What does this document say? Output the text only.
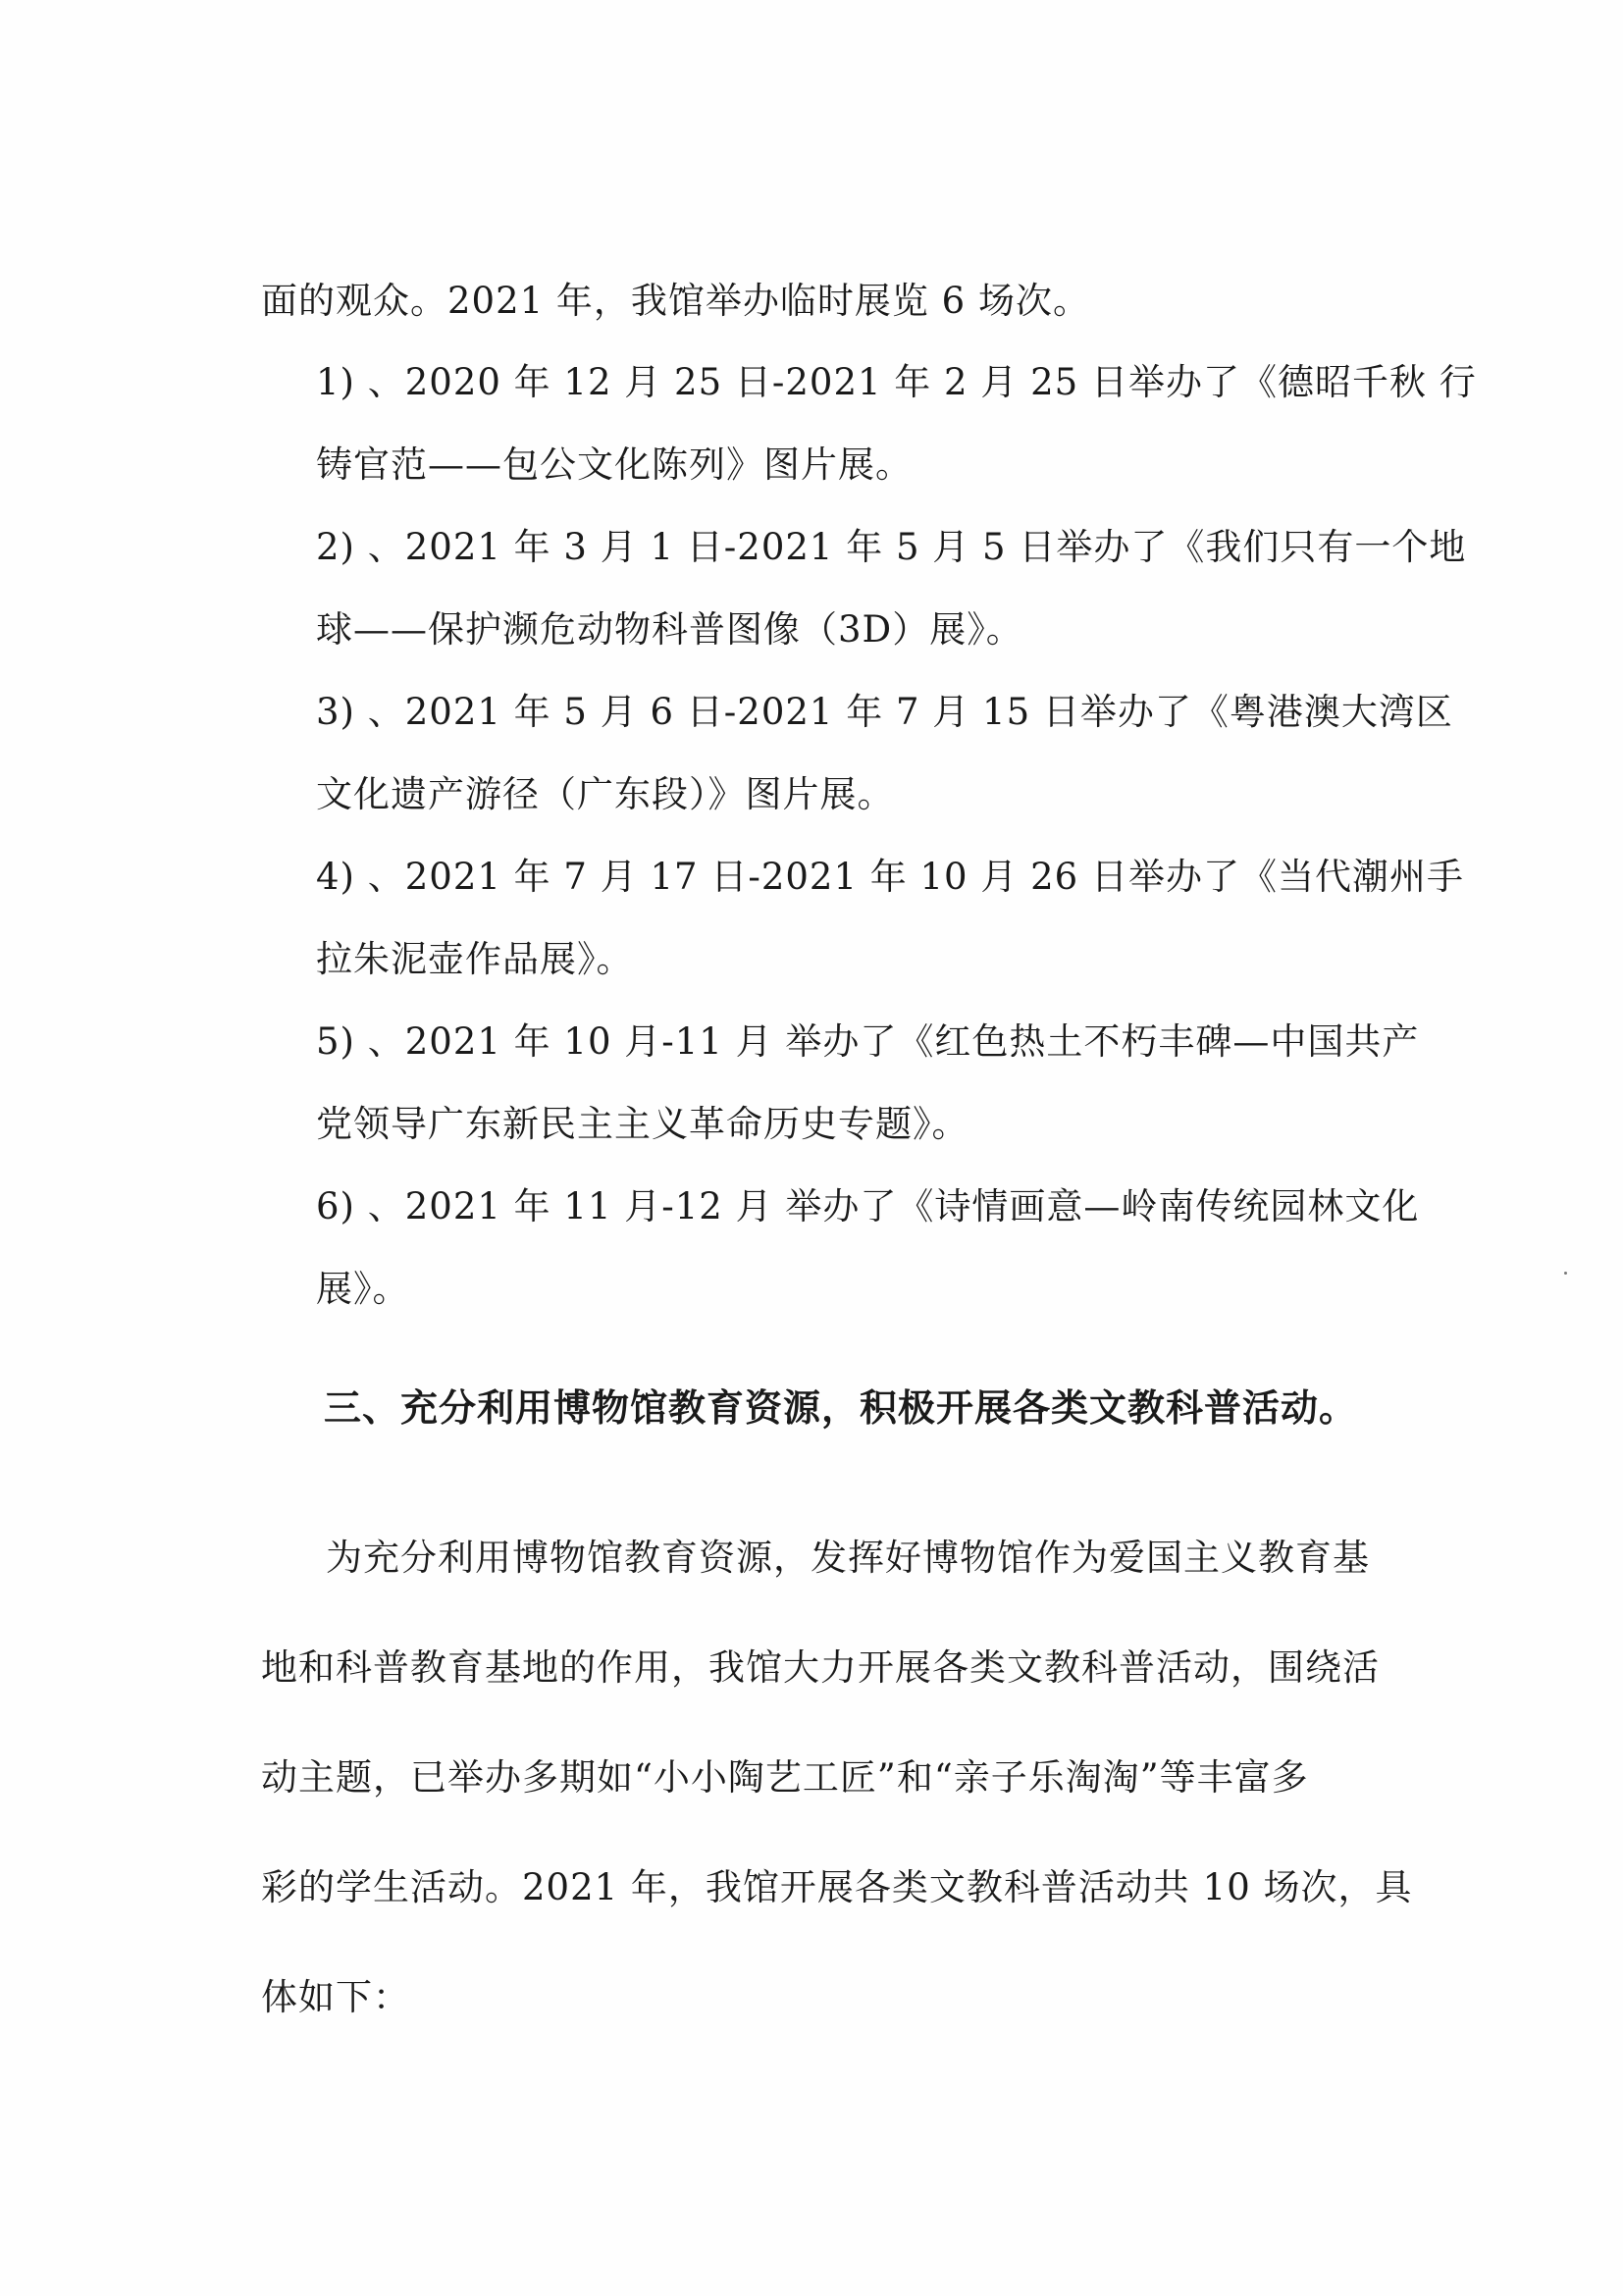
面的观众。2021 年，我馆举办临时展览 6 场次。

1) 、2020 年 12 月 25 日-2021 年 2 月 25 日举办了《德昭千秋 行

铸官范——包公文化陈列》图片展。

2) 、2021 年 3 月 1 日-2021 年 5 月 5 日举办了《我们只有一个地

球——保护濒危动物科普图像（3D）展》。

3) 、2021 年 5 月 6 日-2021 年 7 月 15 日举办了《粤港澳大湾区

文化遗产游径（广东段）》图片展。

4) 、2021 年 7 月 17 日-2021 年 10 月 26 日举办了《当代潮州手

拉朱泥壶作品展》。

5) 、2021 年 10 月-11 月 举办了《红色热土不朽丰碑—中国共产

党领导广东新民主主义革命历史专题》。

6) 、2021 年 11 月-12 月 举办了《诗情画意—岭南传统园林文化

展》。

三、充分利用博物馆教育资源，积极开展各类文教科普活动。

为充分利用博物馆教育资源，发挥好博物馆作为爱国主义教育基

地和科普教育基地的作用，我馆大力开展各类文教科普活动，围绕活

动主题，已举办多期如“小小陶艺工匠”和“亲子乐淘淘”等丰富多

彩的学生活动。2021 年，我馆开展各类文教科普活动共 10 场次，具

体如下：
